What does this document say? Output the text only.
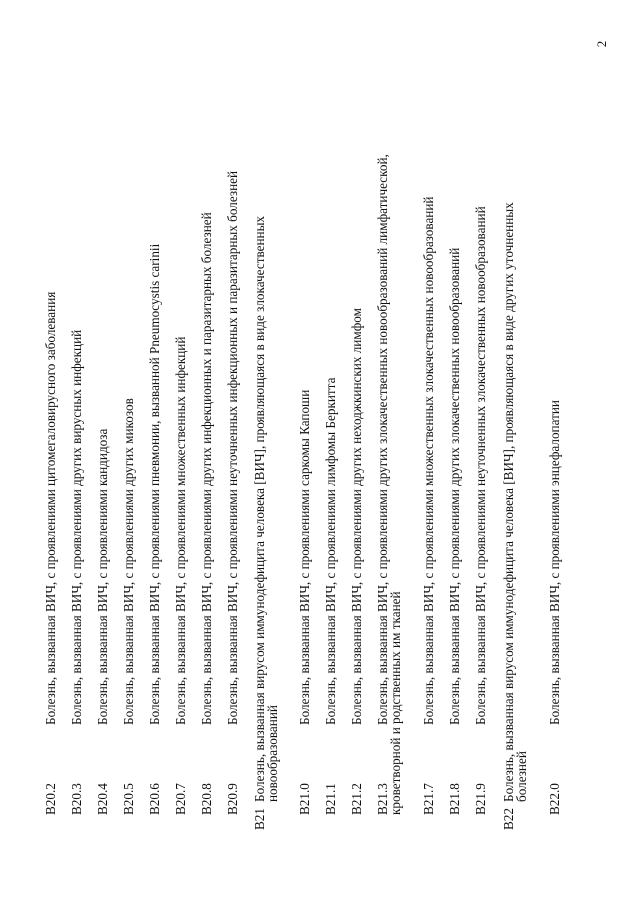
2
B20.2
Болезнь, вызванная ВИЧ, с проявлениями цитомегаловирусного заболевания
B20.3
Болезнь, вызванная ВИЧ, с проявлениями других вирусных инфекций
B20.4
Болезнь, вызванная ВИЧ, с проявлениями кандидоза
B20.5
Болезнь, вызванная ВИЧ, с проявлениями других микозов
B20.6
Болезнь, вызванная ВИЧ, с проявлениями пневмонии, вызванной Pneumocystis carinii
B20.7
Болезнь, вызванная ВИЧ, с проявлениями множественных инфекций
B20.8
Болезнь, вызванная ВИЧ, с проявлениями других инфекционных и паразитарных болезней
B20.9
Болезнь, вызванная ВИЧ, с проявлениями неуточненных инфекционных и паразитарных болезней
B21
Болезнь, вызванная вирусом иммунодефицита человека [ВИЧ], проявляющаяся в виде злокачественных
новообразований B21.0
Болезнь, вызванная ВИЧ, с проявлениями саркомы Капоши
B21.1
Болезнь, вызванная ВИЧ, с проявлениями лимфомы Беркитта
B21.2
Болезнь, вызванная ВИЧ, с проявлениями других неходжкинских лимфом
B21.3
Болезнь, вызванная ВИЧ, с проявлениями других злокачественных новообразований лимфатической,
кроветворной и родственных им тканей B21.7
Болезнь, вызванная ВИЧ, с проявлениями множественных злокачественных новообразований
B21.8
Болезнь, вызванная ВИЧ, с проявлениями других злокачественных новообразований
B21.9
Болезнь, вызванная ВИЧ, с проявлениями неуточненных злокачественных новообразований
B22
Болезнь, вызванная вирусом иммунодефицита человека [ВИЧ], проявляющаяся в виде других уточненных
болезней B22.0
Болезнь, вызванная ВИЧ, с проявлениями энцефалопатии
